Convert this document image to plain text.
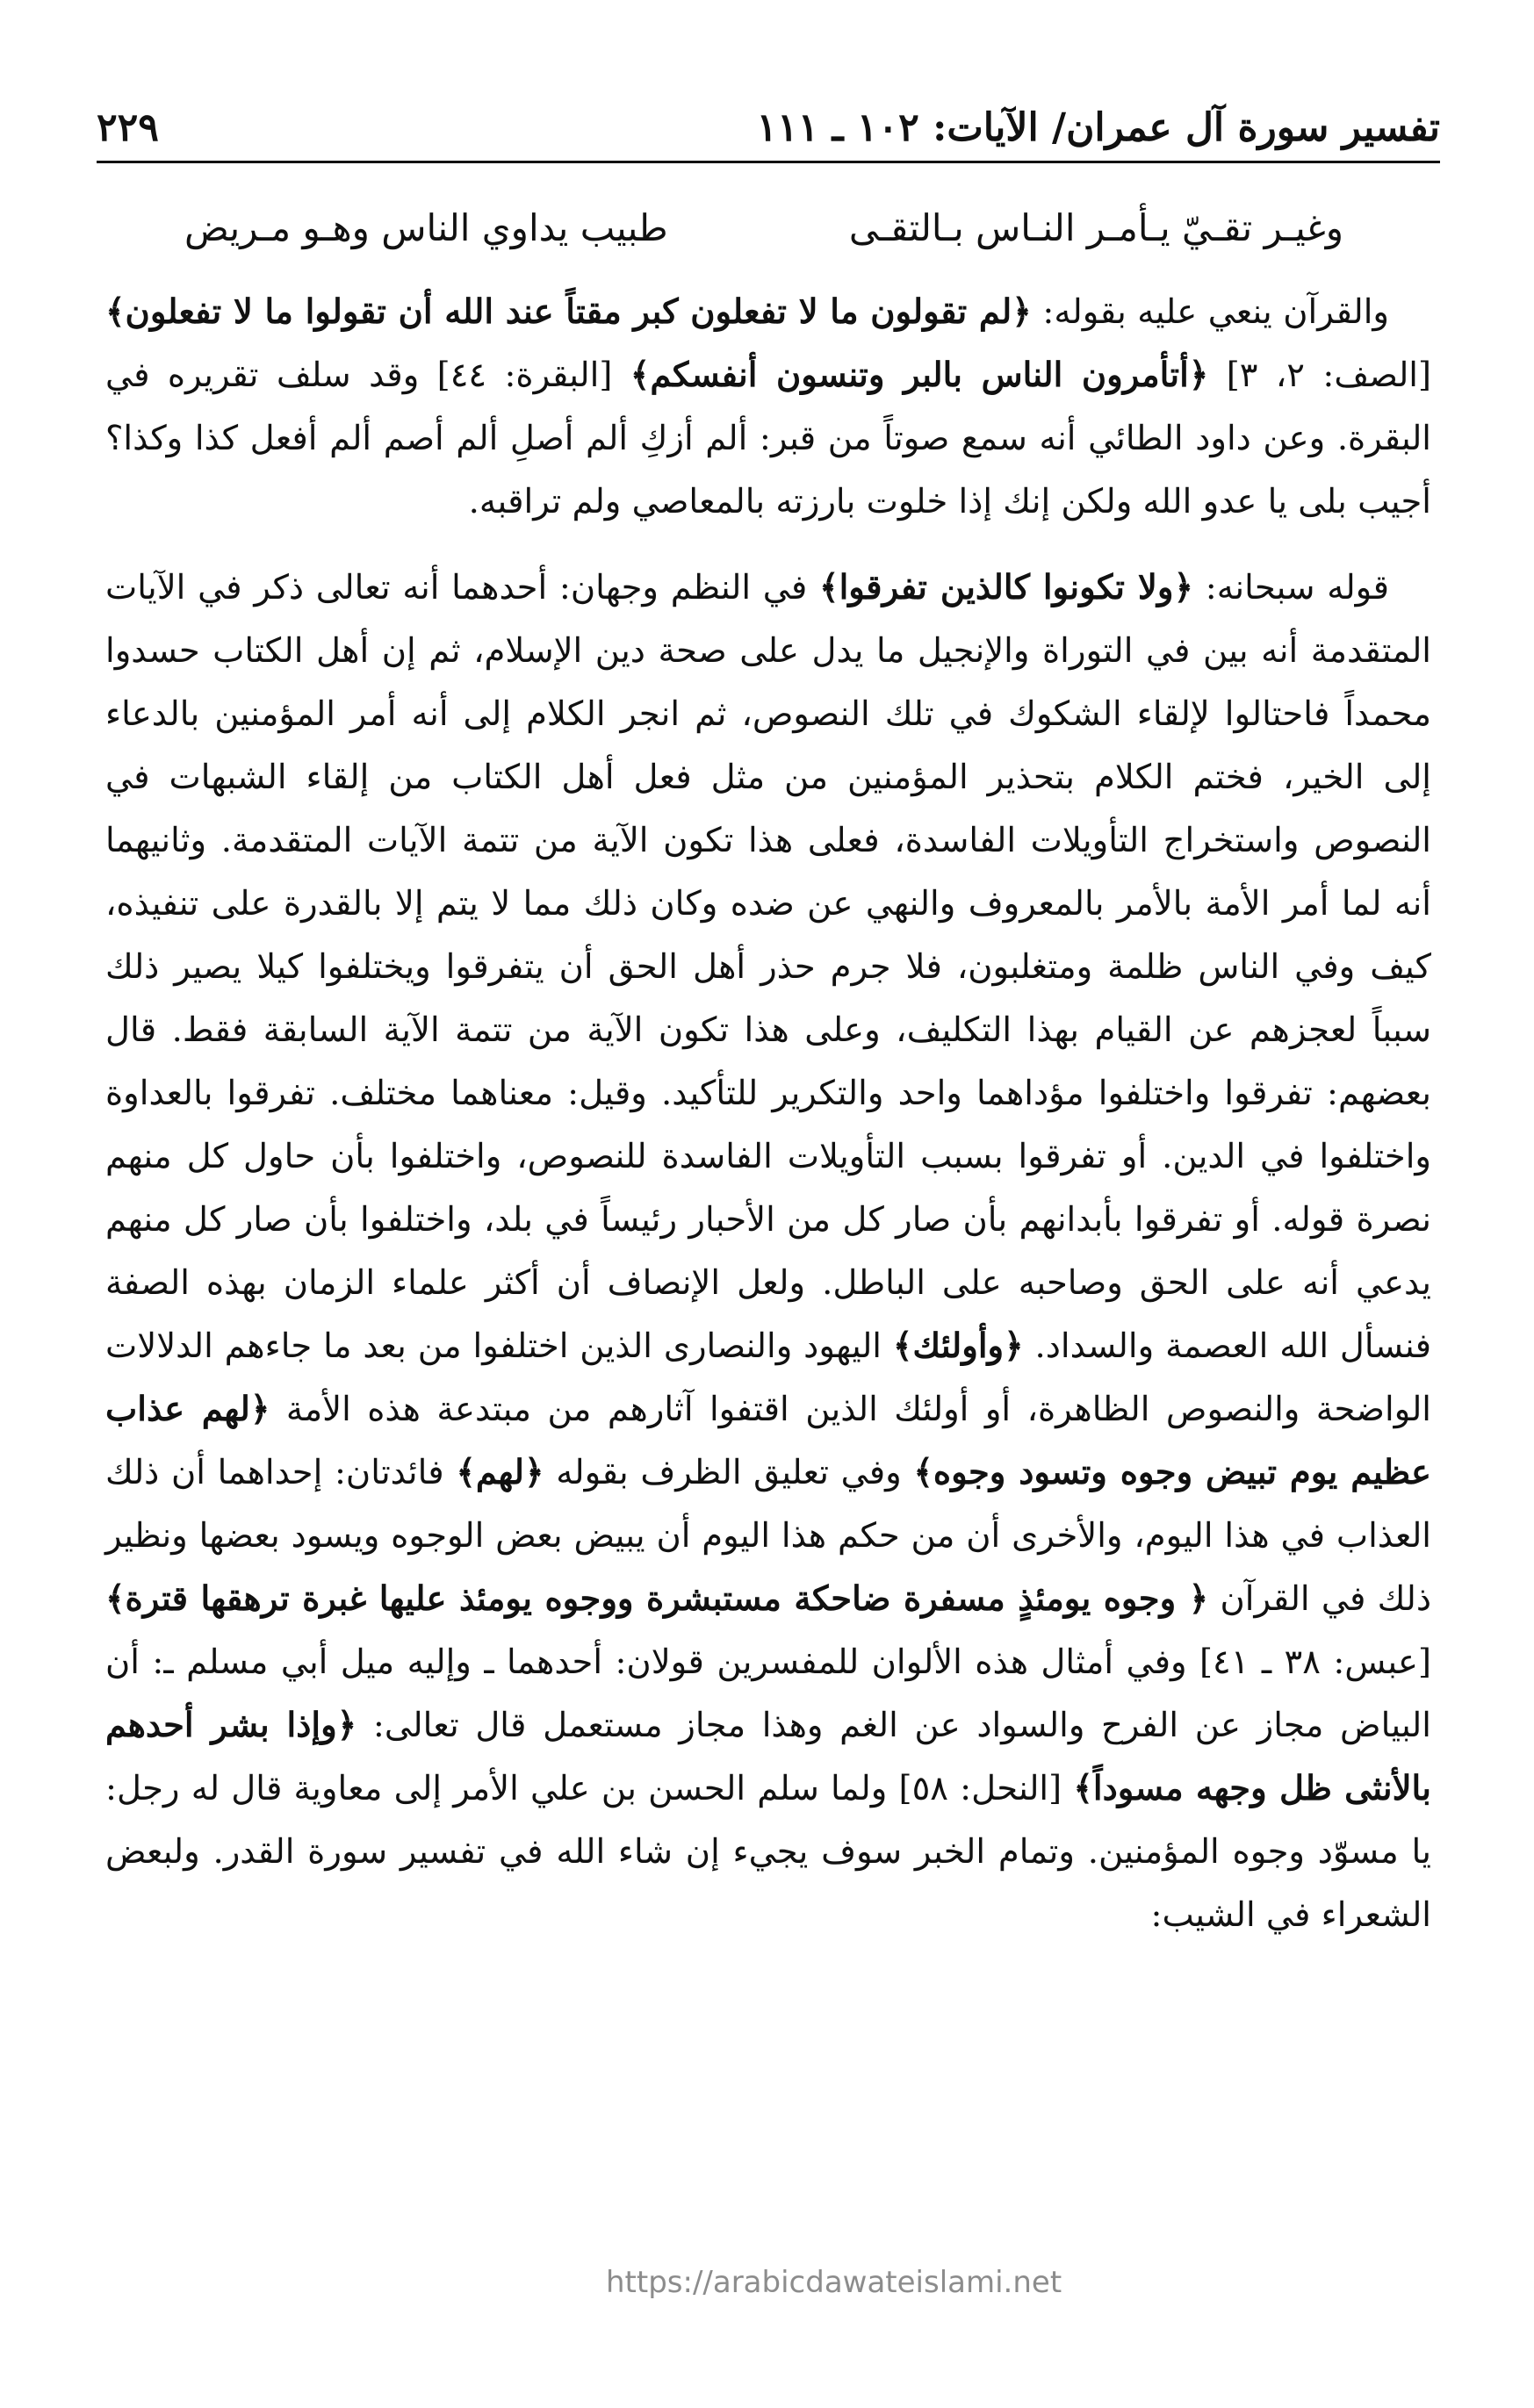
تفسير سورة آل عمران/ الآيات: ١٠٢ ـ ١١١
٢٢٩
وغيـر تقـيّ يـأمـر النـاس بـالتقـى
طبيب يداوي الناس وهـو مـريض

والقرآن ينعي عليه بقوله: ﴿لم تقولون ما لا تفعلون كبر مقتاً عند الله أن تقولوا ما لا تفعلون﴾ [الصف: ٢، ٣] ﴿أتأمرون الناس بالبر وتنسون أنفسكم﴾ [البقرة: ٤٤] وقد سلف تقريره في البقرة. وعن داود الطائي أنه سمع صوتاً من قبر: ألم أزكِ ألم أصلِ ألم أصم ألم أفعل كذا وكذا؟ أجيب بلى يا عدو الله ولكن إنك إذا خلوت بارزته بالمعاصي ولم تراقبه.

قوله سبحانه: ﴿ولا تكونوا كالذين تفرقوا﴾ في النظم وجهان: أحدهما أنه تعالى ذكر في الآيات المتقدمة أنه بين في التوراة والإنجيل ما يدل على صحة دين الإسلام، ثم إن أهل الكتاب حسدوا محمداً فاحتالوا لإلقاء الشكوك في تلك النصوص، ثم انجر الكلام إلى أنه أمر المؤمنين بالدعاء إلى الخير، فختم الكلام بتحذير المؤمنين من مثل فعل أهل الكتاب من إلقاء الشبهات في النصوص واستخراج التأويلات الفاسدة، فعلى هذا تكون الآية من تتمة الآيات المتقدمة. وثانيهما أنه لما أمر الأمة بالأمر بالمعروف والنهي عن ضده وكان ذلك مما لا يتم إلا بالقدرة على تنفيذه، كيف وفي الناس ظلمة ومتغلبون، فلا جرم حذر أهل الحق أن يتفرقوا ويختلفوا كيلا يصير ذلك سبباً لعجزهم عن القيام بهذا التكليف، وعلى هذا تكون الآية من تتمة الآية السابقة فقط. قال بعضهم: تفرقوا واختلفوا مؤداهما واحد والتكرير للتأكيد. وقيل: معناهما مختلف. تفرقوا بالعداوة واختلفوا في الدين. أو تفرقوا بسبب التأويلات الفاسدة للنصوص، واختلفوا بأن حاول كل منهم نصرة قوله. أو تفرقوا بأبدانهم بأن صار كل من الأحبار رئيساً في بلد، واختلفوا بأن صار كل منهم يدعي أنه على الحق وصاحبه على الباطل. ولعل الإنصاف أن أكثر علماء الزمان بهذه الصفة فنسأل الله العصمة والسداد. ﴿وأولئك﴾ اليهود والنصارى الذين اختلفوا من بعد ما جاءهم الدلالات الواضحة والنصوص الظاهرة، أو أولئك الذين اقتفوا آثارهم من مبتدعة هذه الأمة ﴿لهم عذاب عظيم يوم تبيض وجوه وتسود وجوه﴾ وفي تعليق الظرف بقوله ﴿لهم﴾ فائدتان: إحداهما أن ذلك العذاب في هذا اليوم، والأخرى أن من حكم هذا اليوم أن يبيض بعض الوجوه ويسود بعضها ونظير ذلك في القرآن ﴿ وجوه يومئذٍ مسفرة ضاحكة مستبشرة ووجوه يومئذ عليها غبرة ترهقها قترة﴾ [عبس: ٣٨ ـ ٤١] وفي أمثال هذه الألوان للمفسرين قولان: أحدهما ـ وإليه ميل أبي مسلم ـ: أن البياض مجاز عن الفرح والسواد عن الغم وهذا مجاز مستعمل قال تعالى: ﴿وإذا بشر أحدهم بالأنثى ظل وجهه مسوداً﴾ [النحل: ٥٨] ولما سلم الحسن بن علي الأمر إلى معاوية قال له رجل: يا مسوّد وجوه المؤمنين. وتمام الخبر سوف يجيء إن شاء الله في تفسير سورة القدر. ولبعض الشعراء في الشيب:

https://arabicdawateislami.net
